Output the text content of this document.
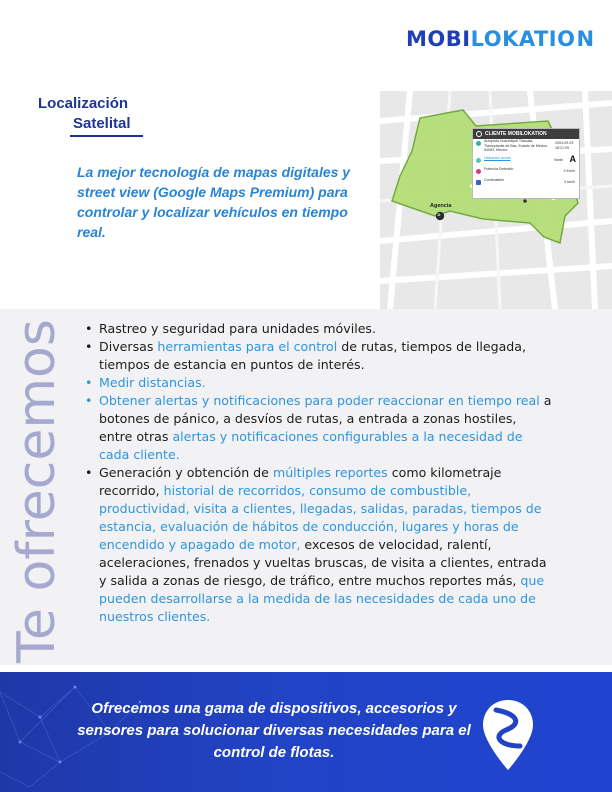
MOBI LOKATIO N
Localización
Satelital

La mejor tecnología de mapas digitales y street view (Google Maps Premium) para controlar y localizar vehículos en tiempo real.

CLIENTE MOBILOKATION
Autopista Huauhtlyotl Tlaxcala, Tlalneplantla de Baz, Estado de México, 54083, México
2004-09-29 18:21:09
Ubicación actual	Norte A
Potencia Detenido	0 Km/h
Combustible	0 km/h
Agencia
D
Te ofrecemos
•	Rastreo y seguridad para unidades móviles.
• Diversas herramientas para el control de rutas, tiempos de llegada, tiempos de estancia en puntos de interés.
• Medir distancias.
• Obtener alertas y notificaciones para poder reaccionar en tiempo real a botones de pánico, a desvíos de rutas, a entrada a zonas hostiles, entre otras alertas y notificaciones configurables a la necesidad de cada cliente.
• Generación y obtención de múltiples reportes como kilometraje recorrido, historial de recorridos, consumo de combustible, productividad, visita a clientes, llegadas, salidas, paradas, tiempos de estancia, evaluación de hábitos de conducción, lugares y horas de encendido y apagado de motor, excesos de velocidad, ralentí, aceleraciones, frenados y vueltas bruscas, de visita a clientes, entrada y salida a zonas de riesgo, de tráfico, entre muchos reportes más, que pueden desarrollarse a la medida de las necesidades de cada uno de nuestros clientes.

Ofrecemos una gama de dispositivos, accesorios y sensores para solucionar diversas necesidades para el control de flotas.
